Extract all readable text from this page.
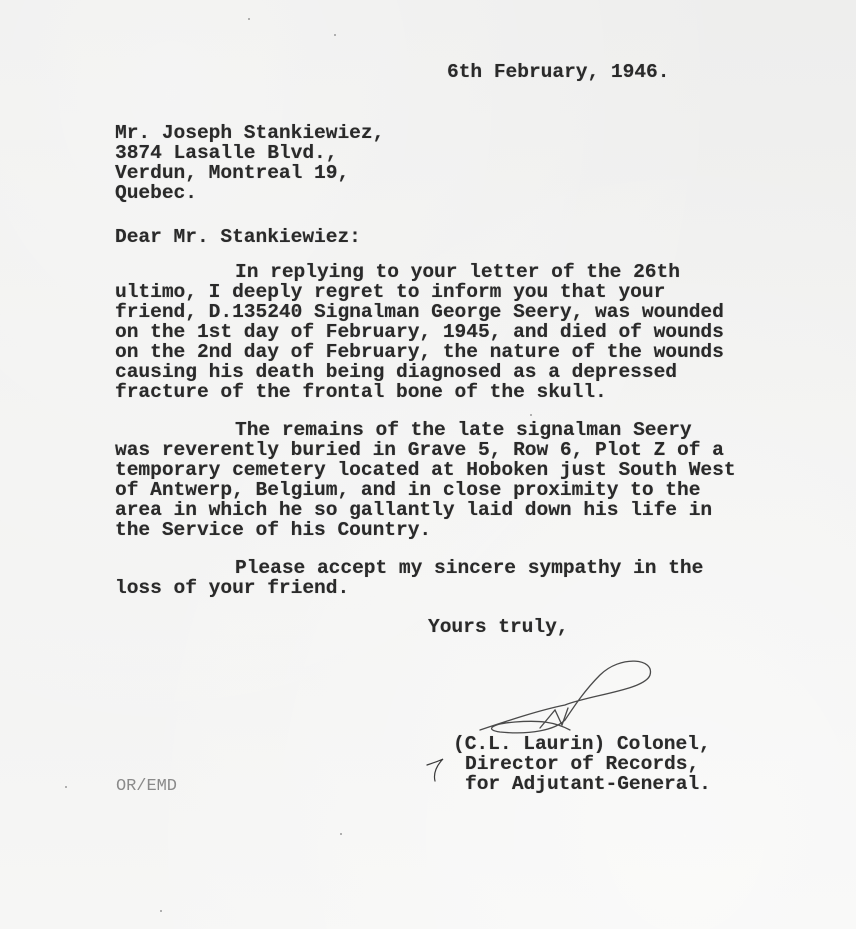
6th February, 1946.
Mr. Joseph Stankiewiez,
3874 Lasalle Blvd.,
Verdun, Montreal 19,
Quebec.
Dear Mr. Stankiewiez:
In replying to your letter of the 26th
ultimo, I deeply regret to inform you that your
friend, D.135240 Signalman George Seery, was wounded
on the 1st day of February, 1945, and died of wounds
on the 2nd day of February, the nature of the wounds
causing his death being diagnosed as a depressed
fracture of the frontal bone of the skull.
The remains of the late signalman Seery
was reverently buried in Grave 5, Row 6, Plot Z of a
temporary cemetery located at Hoboken just South West
of Antwerp, Belgium, and in close proximity to the
area in which he so gallantly laid down his life in
the Service of his Country.
Please accept my sincere sympathy in the
loss of your friend.
Yours truly,
(C.L. Laurin) Colonel,
Director of Records,
for Adjutant-General.
OR/EMD
